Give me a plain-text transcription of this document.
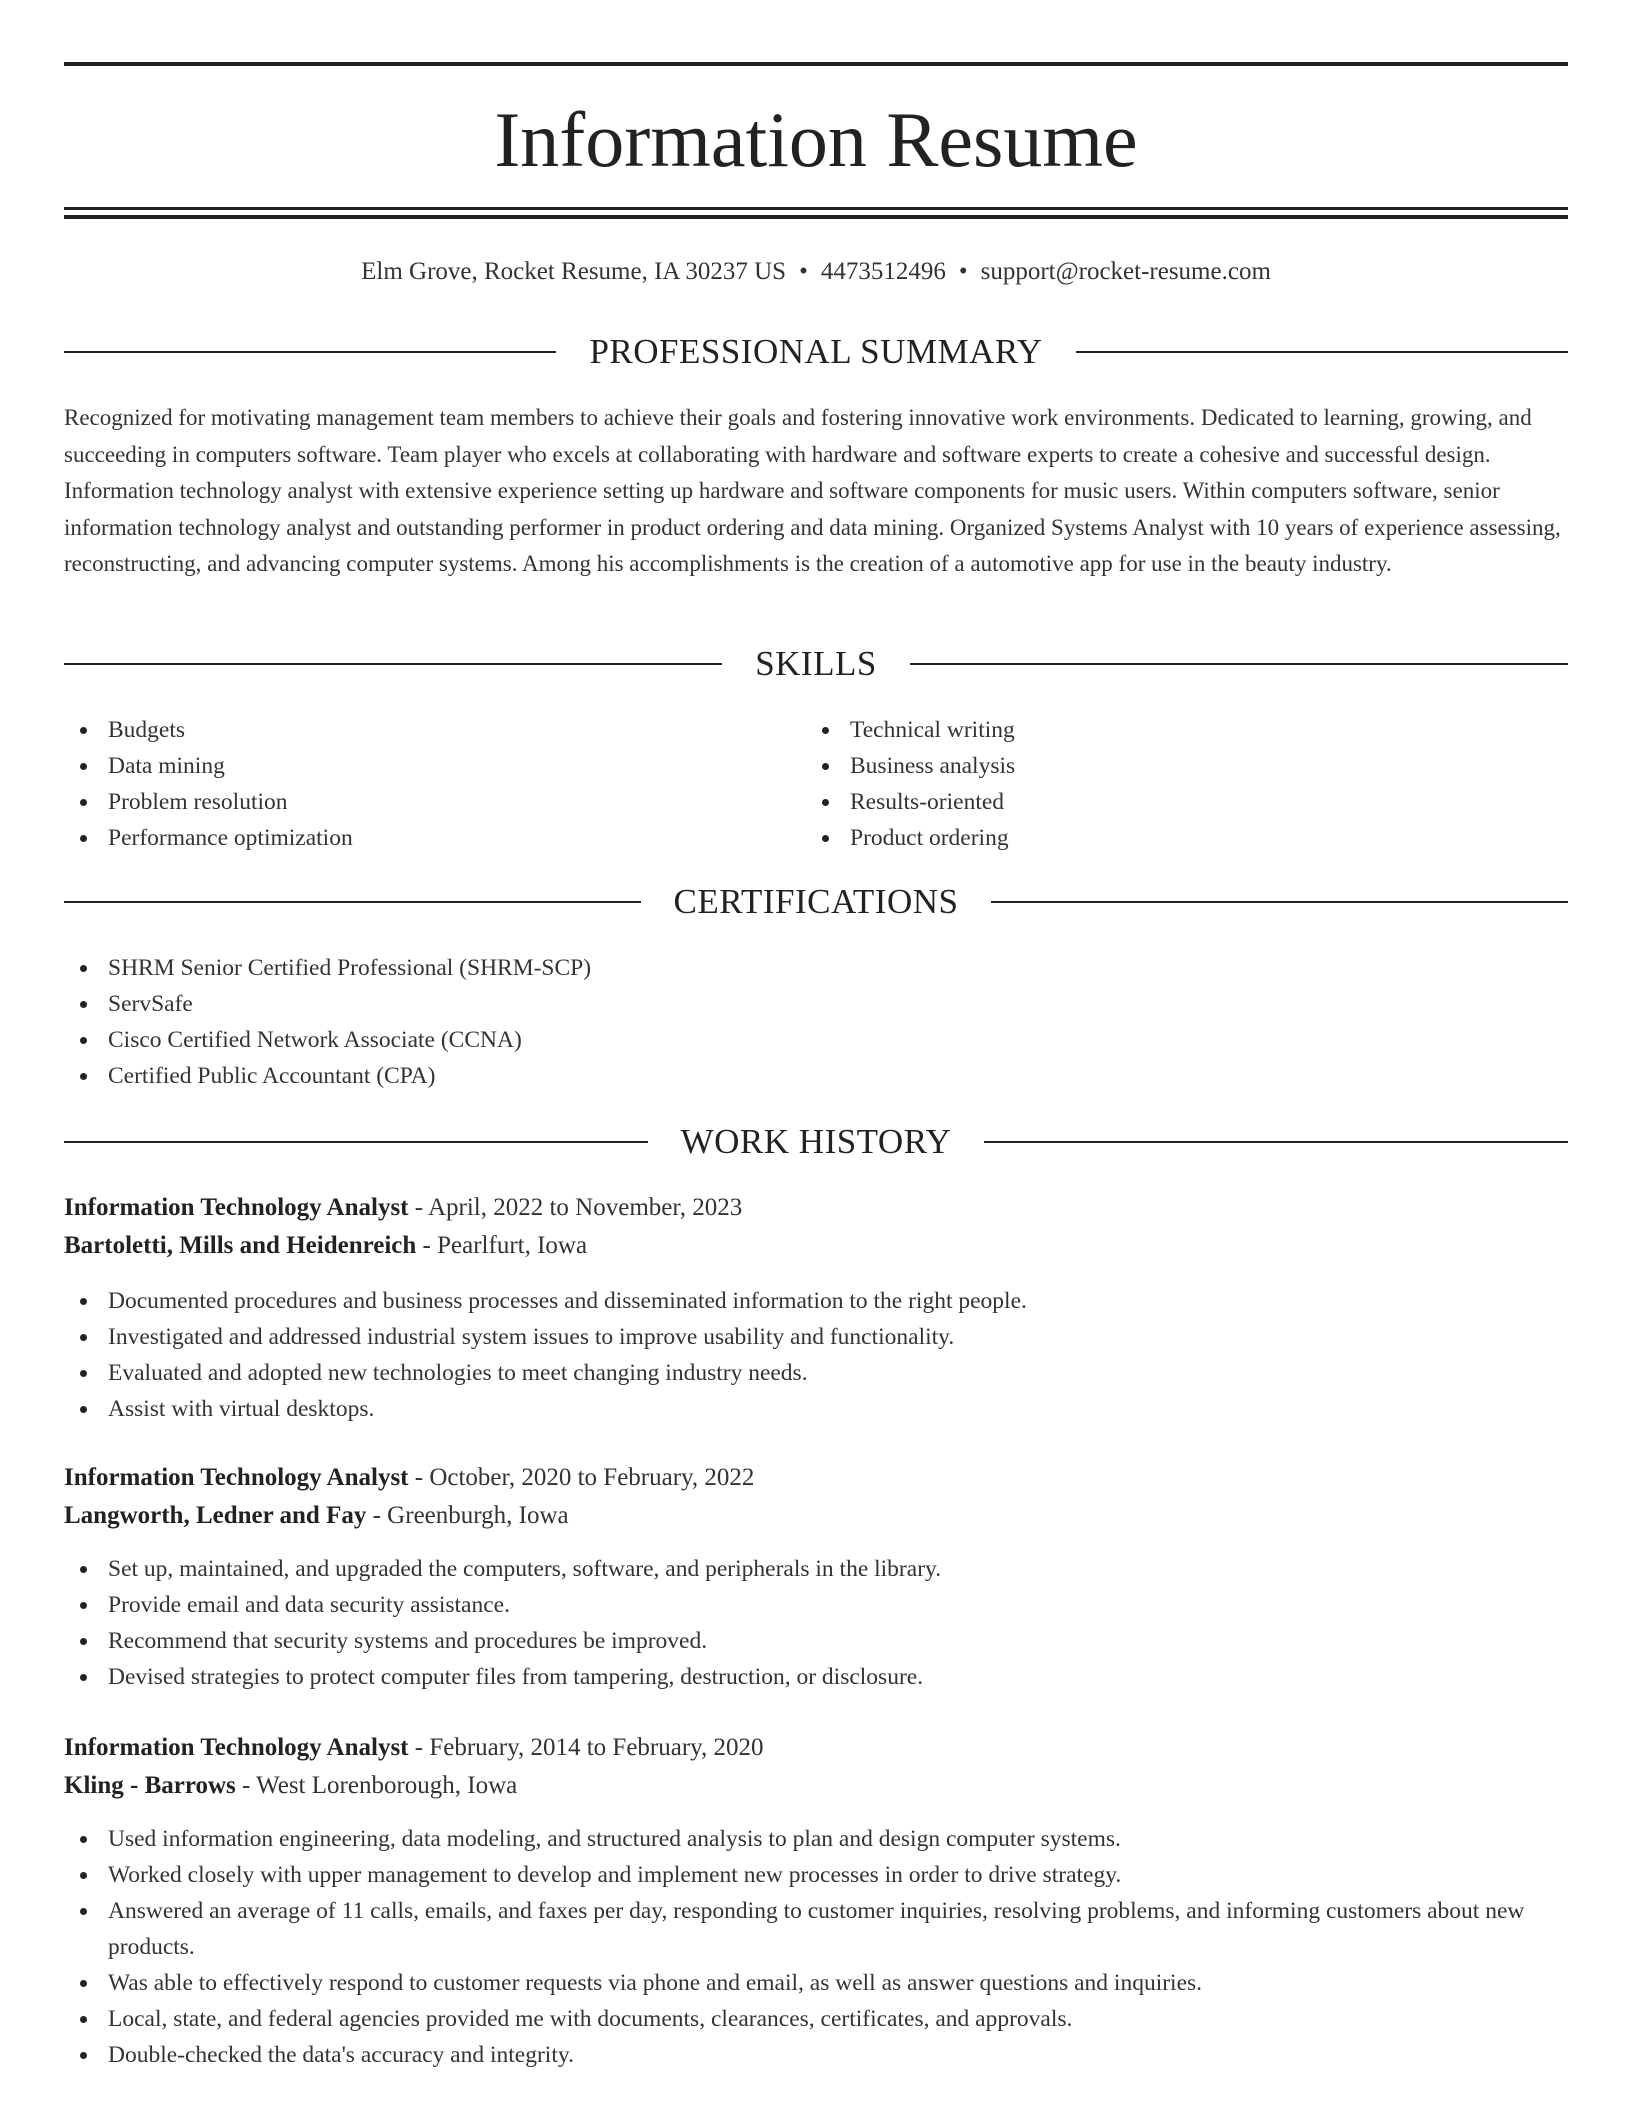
Information Resume
Elm Grove, Rocket Resume, IA 30237 US • 4473512496 • support@rocket-resume.com
PROFESSIONAL SUMMARY

Recognized for motivating management team members to achieve their goals and fostering innovative work environments. Dedicated to learning, growing, and succeeding in computers software. Team player who excels at collaborating with hardware and software experts to create a cohesive and successful design. Information technology analyst with extensive experience setting up hardware and software components for music users. Within computers software, senior information technology analyst and outstanding performer in product ordering and data mining. Organized Systems Analyst with 10 years of experience assessing, reconstructing, and advancing computer systems. Among his accomplishments is the creation of a automotive app for use in the beauty industry.

SKILLS
Budgets
Data mining
Problem resolution
Performance optimization
Technical writing
Business analysis
Results-oriented
Product ordering
CERTIFICATIONS
SHRM Senior Certified Professional (SHRM-SCP)
ServSafe
Cisco Certified Network Associate (CCNA)
Certified Public Accountant (CPA)
WORK HISTORY
Information Technology Analyst - April, 2022 to November, 2023
Bartoletti, Mills and Heidenreich - Pearlfurt, Iowa
Documented procedures and business processes and disseminated information to the right people.
Investigated and addressed industrial system issues to improve usability and functionality.
Evaluated and adopted new technologies to meet changing industry needs.
Assist with virtual desktops.
Information Technology Analyst - October, 2020 to February, 2022
Langworth, Ledner and Fay - Greenburgh, Iowa
Set up, maintained, and upgraded the computers, software, and peripherals in the library.
Provide email and data security assistance.
Recommend that security systems and procedures be improved.
Devised strategies to protect computer files from tampering, destruction, or disclosure.
Information Technology Analyst - February, 2014 to February, 2020
Kling - Barrows - West Lorenborough, Iowa
Used information engineering, data modeling, and structured analysis to plan and design computer systems.
Worked closely with upper management to develop and implement new processes in order to drive strategy.
Answered an average of 11 calls, emails, and faxes per day, responding to customer inquiries, resolving problems, and informing customers about new products.
Was able to effectively respond to customer requests via phone and email, as well as answer questions and inquiries.
Local, state, and federal agencies provided me with documents, clearances, certificates, and approvals.
Double-checked the data's accuracy and integrity.
